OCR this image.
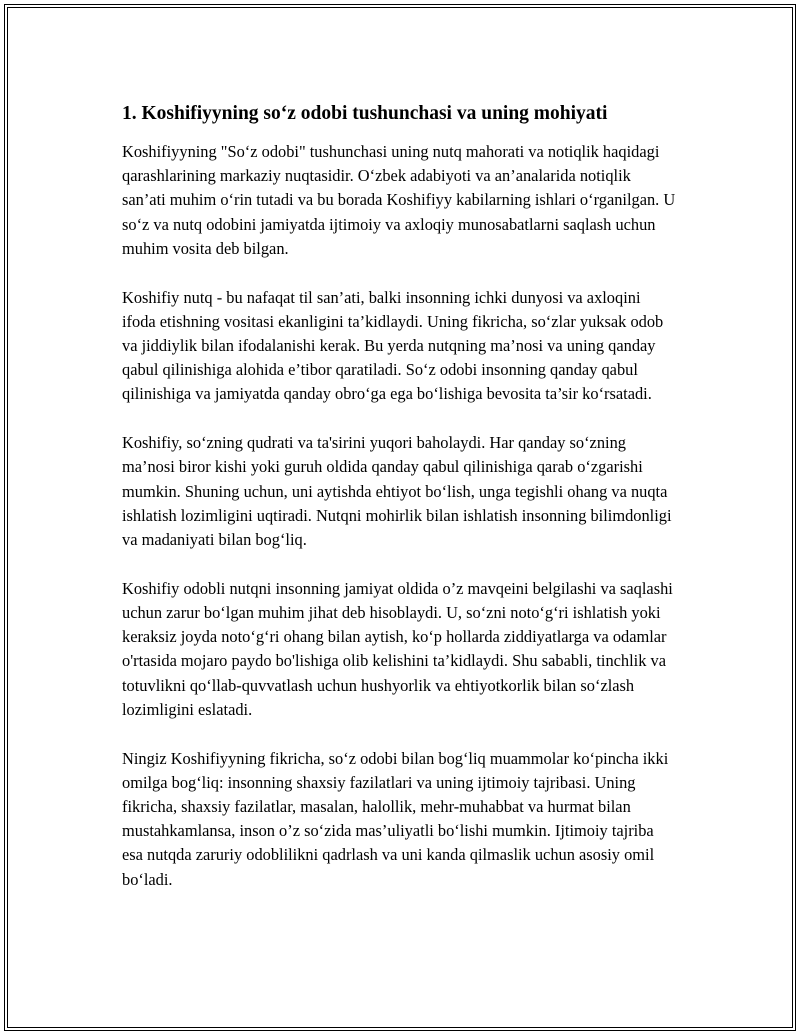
1. Koshifiyyning so‘z odobi tushunchasi va uning mohiyati

Koshifiyyning "So‘z odobi" tushunchasi uning nutq mahorati va notiqlik haqidagi qarashlarining markaziy nuqtasidir. O‘zbek adabiyoti va an’analarida notiqlik san’ati muhim o‘rin tutadi va bu borada Koshifiyy kabilarning ishlari o‘rganilgan. U so‘z va nutq odobini jamiyatda ijtimoiy va axloqiy munosabatlarni saqlash uchun muhim vosita deb bilgan.

Koshifiy nutq - bu nafaqat til san’ati, balki insonning ichki dunyosi va axloqini ifoda etishning vositasi ekanligini ta’kidlaydi. Uning fikricha, so‘zlar yuksak odob va jiddiylik bilan ifodalanishi kerak. Bu yerda nutqning ma’nosi va uning qanday qabul qilinishiga alohida e’tibor qaratiladi. So‘z odobi insonning qanday qabul qilinishiga va jamiyatda qanday obro‘ga ega bo‘lishiga bevosita ta’sir ko‘rsatadi.

Koshifiy, so‘zning qudrati va ta'sirini yuqori baholaydi. Har qanday so‘zning ma’nosi biror kishi yoki guruh oldida qanday qabul qilinishiga qarab o‘zgarishi mumkin. Shuning uchun, uni aytishda ehtiyot bo‘lish, unga tegishli ohang va nuqta ishlatish lozimligini uqtiradi. Nutqni mohirlik bilan ishlatish insonning bilimdonligi va madaniyati bilan bog‘liq.

Koshifiy odobli nutqni insonning jamiyat oldida o’z mavqeini belgilashi va saqlashi uchun zarur bo‘lgan muhim jihat deb hisoblaydi. U, so‘zni noto‘g‘ri ishlatish yoki keraksiz joyda noto‘g‘ri ohang bilan aytish, ko‘p hollarda ziddiyatlarga va odamlar o'rtasida mojaro paydo bo'lishiga olib kelishini ta’kidlaydi. Shu sababli, tinchlik va totuvlikni qo‘llab-quvvatlash uchun hushyorlik va ehtiyotkorlik bilan so‘zlash lozimligini eslatadi.

Ningiz Koshifiyyning fikricha, so‘z odobi bilan bog‘liq muammolar ko‘pincha ikki omilga bog‘liq: insonning shaxsiy fazilatlari va uning ijtimoiy tajribasi. Uning fikricha, shaxsiy fazilatlar, masalan, halollik, mehr-muhabbat va hurmat bilan mustahkamlansa, inson o’z so‘zida mas’uliyatli bo‘lishi mumkin. Ijtimoiy tajriba esa nutqda zaruriy odoblilikni qadrlash va uni kanda qilmaslik uchun asosiy omil bo‘ladi.
